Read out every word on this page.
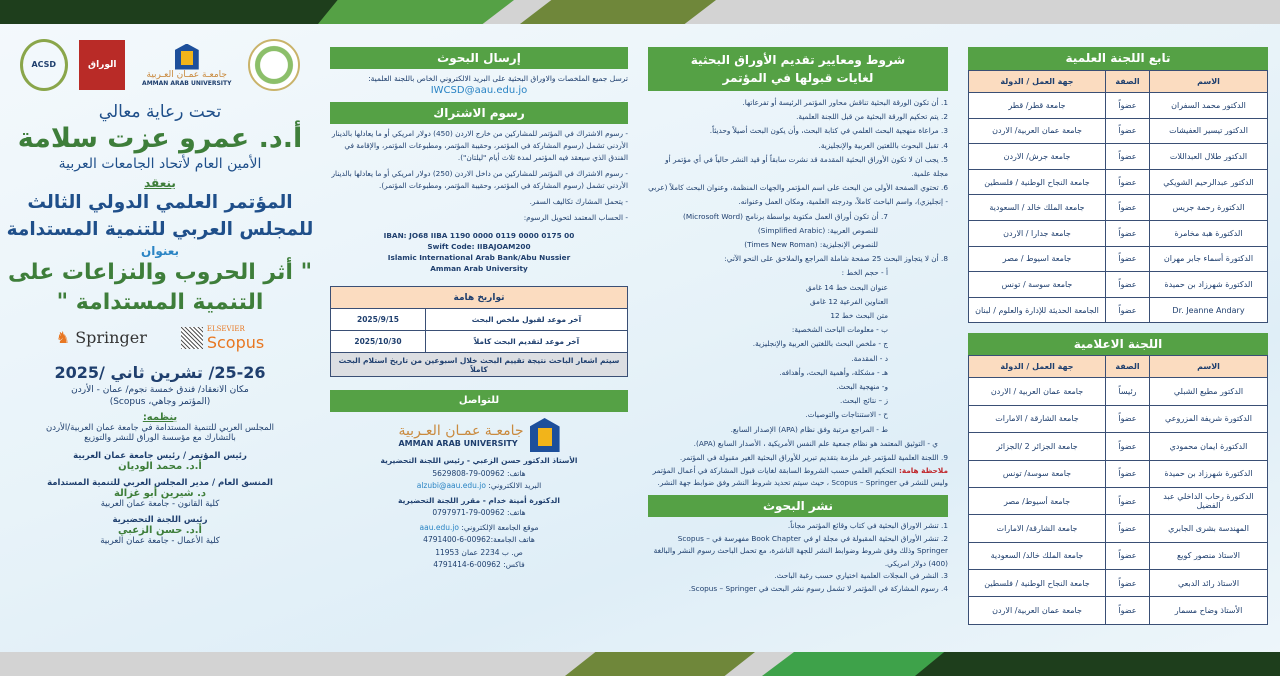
ACSD	الوراق
جامعـة عمـان العـربية
AMMAN ARAB UNIVERSITY
تحت رعاية معالي
أ.د. عمرو عزت سلامة
الأمين العام لأتحاد الجامعات العربية
ينعقد
المؤتمر العلمي الدولي الثالث
للمجلس العربي للتنمية المستدامة
بعنوان
" أثر الحروب والنزاعات على
التنمية المستدامة "
♞ Springer	ELSEVIER
Scopus
25-26/ تشرين ثاني /2025
مكان الانعقاد/ فندق خمسة نجوم/ عمان - الأردن
(المؤتمر وجاهي، Scopus)
ينظمه:
المجلس العربي للتنمية المستدامة في جامعة عمان العربية/الأردن
بالتشارك مع مؤسسة الوراق للنشر والتوزيع
رئيس المؤتمر / رئيس جامعة عمان العربية
أ.د. محمد الوديان
المنسق العام / مدير المجلس العربي للتنمية المستدامة
د. شيرين أبو غزالة
كلية القانون - جامعة عمان العربية
رئيس اللجنة التحضيرية
أ.د. حسن الزعبي
كلية الأعمال - جامعة عمان العربية
إرسال البحوث
ترسل جميع الملخصات والاوراق البحثية على البريد الالكتروني الخاص باللجنة العلمية:
IWCSD@aau.edu.jo
رسوم الاشتراك

- رسوم الاشتراك في المؤتمر للمشاركين من خارج الاردن (450) دولار امريكي أو ما يعادلها بالدينار الأردني تشمل (رسوم المشاركة في المؤتمر، وحقيبة المؤتمر، ومطبوعات المؤتمر، والإقامة في الفندق الذي سيعقد فيه المؤتمر لمدة ثلاث أيام "ليلتان").

- رسوم الاشتراك في المؤتمر للمشاركين من داخل الاردن (250) دولار امريكي أو ما يعادلها بالدينار الأردني تشمل (رسوم المشاركة في المؤتمر، وحقيبة المؤتمر، ومطبوعات المؤتمر).

- يتحمل المشارك تكاليف السفر.

- الحساب المعتمد لتحويل الرسوم:

IBAN: JO68 IIBA 1190 0000 0119 0000 0175 00
Swift Code: IIBAJOAM200
Islamic International Arab Bank/Abu Nussier
Amman Arab University
تواريخ هامة	
آخر موعد لقبول ملخص البحث	2025/9/15
آخر موعد لتقديم البحث كاملاً	2025/10/30
سيتم اشعار الباحث نتيجة تقييم البحث خلال اسبوعين من تاريخ استلام البحث كاملاً	
للتواصل
جامعـة عمـان العـربية
AMMAN ARAB UNIVERSITY
الأستاذ الدكتور حسن الزعبي - رئيس اللجنة التحضيرية
هاتف: 00962-79-5629808
البريد الالكتروني: alzubi@aau.edu.jo
الدكتورة أمينة خدام - مقرر اللجنة التحضيرية
هاتف: 00962-79-0797971
موقع الجامعة الإلكتروني: aau.edu.jo
هاتف الجامعة:00962-6-4791400
ص. ب 2234 عمان 11953
فاكس: 00962-6-4791414
شروط ومعايير تقديم الأوراق البحثية
لغايات قبولها في المؤتمر

1. أن تكون الورقة البحثية تناقش محاور المؤتمر الرئيسة أو تفرعاتها.

2. يتم تحكيم الورقة البحثية من قبل اللجنة العلمية.

3. مراعاة منهجية البحث العلمي في كتابة البحث، وأن يكون البحث أصيلاً وحديثاً.

4. تقبل البحوث باللغتين العربية والإنجليزية.

5. يجب ان لا تكون الأوراق البحثية المقدمة قد نشرت سابقاً أو قيد النشر حالياً في أي مؤتمر أو مجلة علمية.

6. تحتوي الصفحة الأولى من البحث على اسم المؤتمر والجهات المنظمة، وعنوان البحث كاملاً (عربي - إنجليزي)، واسم الباحث كاملاً، ودرجته العلمية، ومكان العمل وعنوانه.

7. أن تكون أوراق العمل مكتوبة بواسطة برنامج (Microsoft Word)

للنصوص العربية: (Simplified Arabic)

للنصوص الإنجليزية: (Times New Roman)

8. أن لا يتجاوز البحث 25 صفحة شاملة المراجع والملاحق على النحو الآتي:

أ - حجم الخط :

عنوان البحث خط 14 غامق

العناوين الفرعية 12 غامق

متن البحث خط 12

ب - معلومات الباحث الشخصية:

ج - ملخص البحث باللغتين العربية والإنجليزية.

د - المقدمة.

هـ - مشكلة، وأهمية البحث، وأهدافه.

و- منهجية البحث.

ز – نتائج البحث.

ح - الاستنتاجات والتوصيات.

ط - المراجع مرتبة وفق نظام (APA) الإصدار السابع.

ي - التوثيق المعتمد هو نظام جمعية علم النفس الأمريكية ، الأصدار السابع (APA).

9. اللجنة العلمية للمؤتمر غير ملزمة بتقديم تبرير للأوراق البحثية الغير مقبولة في المؤتمر.

ملاحظة هامة: التحكيم العلمي حسب الشروط السابقة لغايات قبول المشاركة في أعمال المؤتمر وليس للنشر في Scopus – Springer ، حيث سيتم تحديد شروط النشر وفق ضوابط جهة النشر.

نشر البحوث

1. تنشر الاوراق البحثية في كتاب وقائع المؤتمر مجاناً.

2. تنشر الأوراق البحثية المقبولة في مجلة او في Book Chapter مفهرسة في Scopus – Springer وذلك وفق شروط وضوابط النشر للجهة الناشرة، مع تحمل الباحث رسوم النشر والبالغة (400) دولار امريكي.

3. النشر في المجلات العلمية اختياري حسب رغبة الباحث.

4. رسوم المشاركة في المؤتمر لا تشمل رسوم نشر البحث في Scopus – Springer.

تابع اللجنة العلمية
الاسم	الصفة	جهة العمل / الدولة
الدكتور محمد السفران	عضواً	جامعة قطر/ قطر
الدكتور تيسير العفيشات	عضواً	جامعة عمان العربية/ الاردن
الدكتور طلال العبداللات	عضواً	جامعة جرش/ الاردن
الدكتور عبدالرحيم الشويكي	عضواً	جامعة النجاح الوطنية / فلسطين
الدكتورة رحمة جريس	عضواً	جامعة الملك خالد / السعودية
الدكتورة هبة مخامرة	عضواً	جامعة جدارا / الاردن
الدكتورة أسماء جابر مهران	عضواً	جامعة اسيوط / مصر
الدكتورة شهرزاد بن حميدة	عضواً	جامعة سوسة / تونس
Dr. Jeanne Andary	عضواً	الجامعة الحديثة للإدارة والعلوم / لبنان
اللجنة الاعلامية
الاسم	الصفة	جهة العمل / الدولة
الدكتور مطيع الشبلي	رئيساً	جامعة عمان العربية / الاردن
الدكتورة شريفة المزروعي	عضواً	جامعة الشارقة / الامارات
الدكتورة ايمان محمودي	عضواً	جامعة الجزائر 2 /الجزائر
الدكتورة شهرزاد بن حميدة	عضواً	جامعة سوسة/ تونس
الدكتورة رحاب الداخلي عبد الفضيل	عضواً	جامعة أسيوط/ مصر
المهندسة بشرى الجابري	عضواً	جامعة الشارقة/ الامارات
الاستاذ منصور كويع	عضواً	جامعة الملك خالد/ السعودية
الاستاذ رائد الدبعي	عضواً	جامعة النجاح الوطنية / فلسطين
الأستاذ وضاح مسمار	عضواً	جامعة عمان العربية/ الاردن
